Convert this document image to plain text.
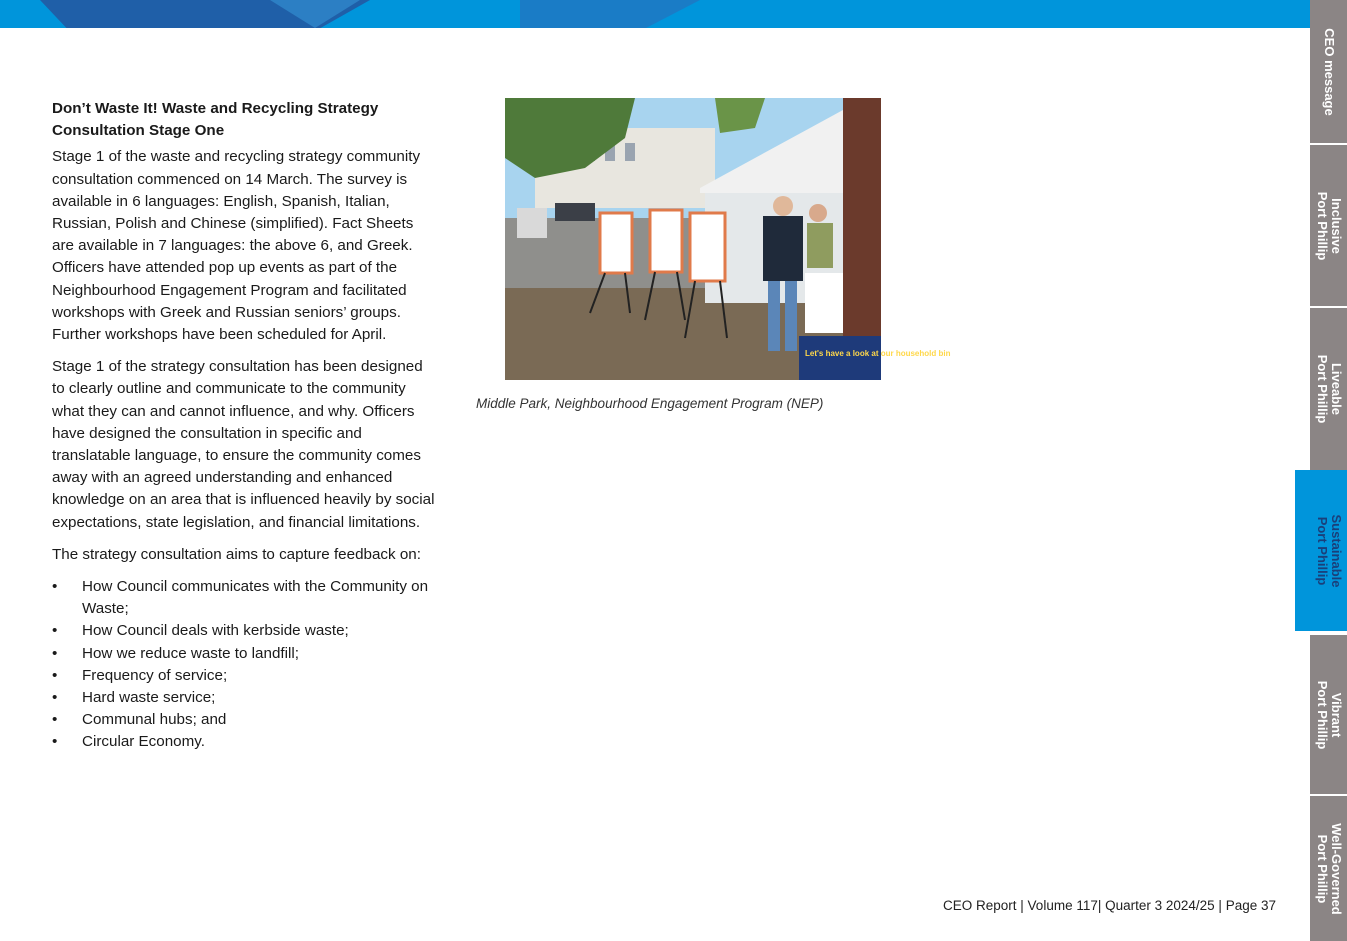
Don’t Waste It! Waste and Recycling Strategy Consultation Stage One

Stage 1 of the waste and recycling strategy community consultation commenced on 14 March. The survey is available in 6 languages: English, Spanish, Italian, Russian, Polish and Chinese (simplified). Fact Sheets are available in 7 languages: the above 6, and Greek. Officers have attended pop up events as part of the Neighbourhood Engagement Program and facilitated workshops with Greek and Russian seniors’ groups. Further workshops have been scheduled for April.

Stage 1 of the strategy consultation has been designed to clearly outline and communicate to the community what they can and cannot influence, and why. Officers have designed the consultation in specific and translatable language, to ensure the community comes away with an agreed understanding and enhanced knowledge on an area that is influenced heavily by social expectations, state legislation, and financial limitations.

The strategy consultation aims to capture feedback on:

• How Council communicates with the Community on Waste;
• How Council deals with kerbside waste;
• How we reduce waste to landfill;
• Frequency of service;
• Hard waste service;
• Communal hubs; and
• Circular Economy.
Let's have a look at our household bin
Middle Park, Neighbourhood Engagement Program (NEP)
CEO Report | Volume 117| Quarter 3 2024/25 | Page 37
CEO message
Inclusive
Port Phillip
Liveable
Port Phillip
Sustainable
Port Phillip
Vibrant
Port Phillip
Well-Governed
Port Phillip
